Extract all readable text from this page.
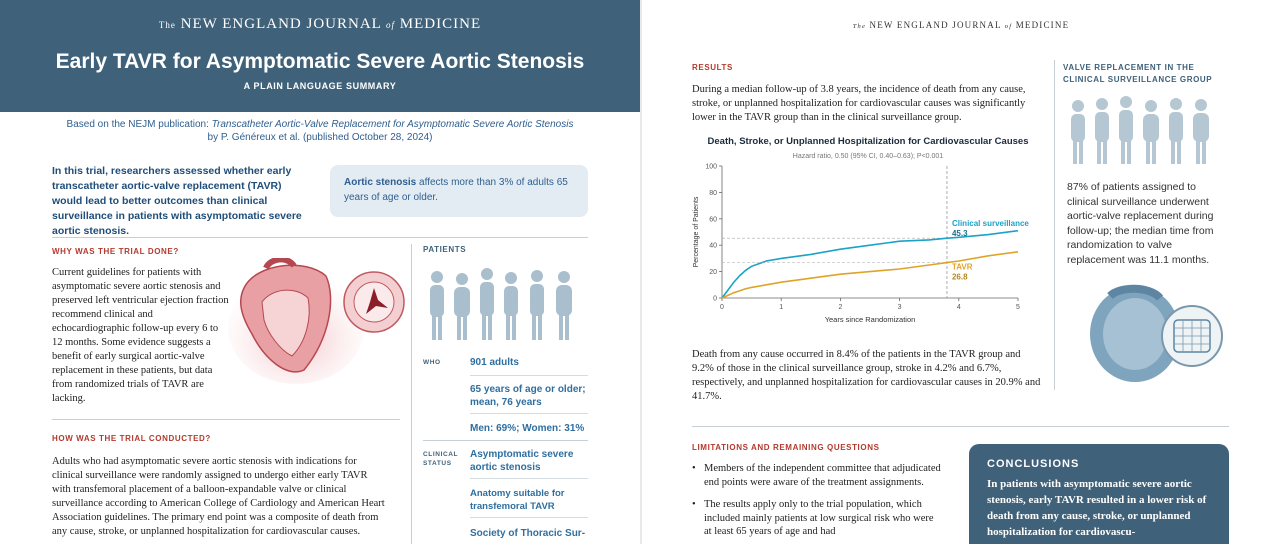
The NEW ENGLAND JOURNAL of MEDICINE
Early TAVR for Asymptomatic Severe Aortic Stenosis
A PLAIN LANGUAGE SUMMARY
Based on the NEJM publication: Transcatheter Aortic-Valve Replacement for Asymptomatic Severe Aortic Stenosis
by P. Généreux et al. (published October 28, 2024)
In this trial, researchers assessed whether early transcatheter aortic-valve replacement (TAVR) would lead to better outcomes than clinical surveillance in patients with asymptomatic severe aortic stenosis.
Aortic stenosis affects more than 3% of adults 65 years of age or older.
WHY WAS THE TRIAL DONE?
Current guidelines for patients with asymptomatic severe aortic stenosis and preserved left ventricular ejection fraction recommend clinical and echocardiographic follow-up every 6 to 12 months. Some evidence suggests a benefit of early surgical aortic-valve replacement in these patients, but data from randomized trials of TAVR are lacking.
HOW WAS THE TRIAL CONDUCTED?
Adults who had asymptomatic severe aortic stenosis with indications for clinical surveillance were randomly assigned to undergo either early TAVR with transfemoral placement of a balloon-expandable valve or clinical surveillance according to American College of Cardiology and American Heart Association guidelines. The primary end point was a composite of death from any cause, stroke, or unplanned hospitalization for cardiovascular causes.
PATIENTS
WHO	901 adults
65 years of age or older; mean, 76 years
Men: 69%; Women: 31%
CLINICAL STATUS
Asymptomatic severe aortic stenosis
Anatomy suitable for transfemoral TAVR
Society of Thoracic Sur-
The NEW ENGLAND JOURNAL of MEDICINE
RESULTS
During a median follow-up of 3.8 years, the incidence of death from any cause, stroke, or unplanned hospitalization for cardiovascular causes was significantly lower in the TAVR group than in the clinical surveillance group.
Death, Stroke, or Unplanned Hospitalization for Cardiovascular Causes
Hazard ratio, 0.50 (95% CI, 0.40–0.63); P<0.001
0
20
40
60
80
100
0	1	2	3	4	5
Years since Randomization
Percentage of Patients	Clinical surveillance
45.3
TAVR
26.8
Death from any cause occurred in 8.4% of the patients in the TAVR group and 9.2% of those in the clinical surveillance group, stroke in 4.2% and 6.7%, respectively, and unplanned hospitalization for cardiovascular causes in 20.9% and 41.7%.
VALVE REPLACEMENT IN THE CLINICAL SURVEILLANCE GROUP
87% of patients assigned to clinical surveillance underwent aortic-valve replacement during follow-up; the median time from randomization to valve replacement was 11.1 months.
LIMITATIONS AND REMAINING QUESTIONS
• Members of the independent committee that adjudicated end points were aware of the treatment assignments.
• The results apply only to the trial population, which included mainly patients at low surgical risk who were at least 65 years of age and had
CONCLUSIONS
In patients with asymptomatic severe aortic stenosis, early TAVR resulted in a lower risk of death from any cause, stroke, or unplanned hospitalization for cardiovascu-
